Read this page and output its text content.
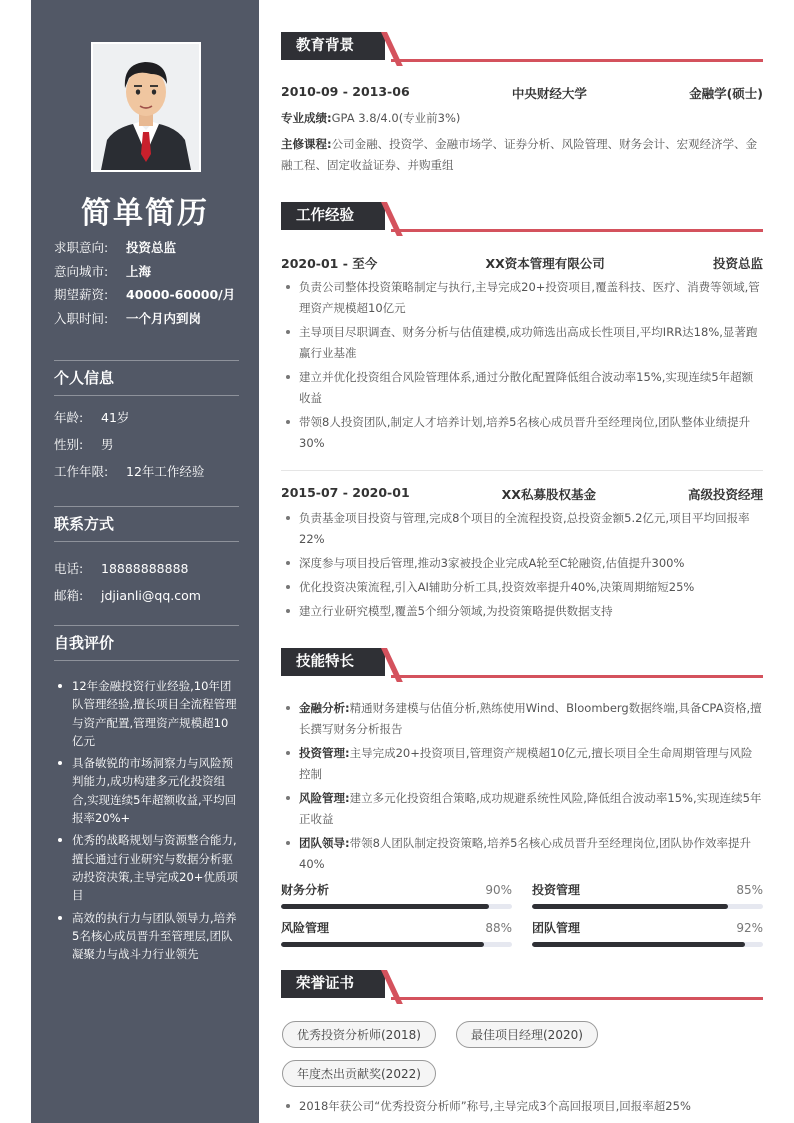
简单简历
求职意向:	投资总监
意向城市:	上海
期望薪资:	40000-60000/月
入职时间:	一个月内到岗
个人信息
年龄:	41岁
性别:	男
工作年限:	12年工作经验
联系方式
电话:	18888888888
邮箱:	jdjianli@qq.com
自我评价
12年金融投资行业经验,10年团队管理经验,擅长项目全流程管理与资产配置,管理资产规模超10亿元
具备敏锐的市场洞察力与风险预判能力,成功构建多元化投资组合,实现连续5年超额收益,平均回报率20%+
优秀的战略规划与资源整合能力,擅长通过行业研究与数据分析驱动投资决策,主导完成20+优质项目
高效的执行力与团队领导力,培养5名核心成员晋升至管理层,团队凝聚力与战斗力行业领先
教育背景
2010-09 - 2013-06	中央财经大学	金融学(硕士)
专业成绩:GPA 3.8/4.0(专业前3%)
主修课程:公司金融、投资学、金融市场学、证券分析、风险管理、财务会计、宏观经济学、金融工程、固定收益证券、并购重组
工作经验
2020-01 - 至今	XX资本管理有限公司	投资总监
负责公司整体投资策略制定与执行,主导完成20+投资项目,覆盖科技、医疗、消费等领域,管理资产规模超10亿元
主导项目尽职调查、财务分析与估值建模,成功筛选出高成长性项目,平均IRR达18%,显著跑赢行业基准
建立并优化投资组合风险管理体系,通过分散化配置降低组合波动率15%,实现连续5年超额收益
带领8人投资团队,制定人才培养计划,培养5名核心成员晋升至经理岗位,团队整体业绩提升30%
2015-07 - 2020-01	XX私募股权基金	高级投资经理
负责基金项目投资与管理,完成8个项目的全流程投资,总投资金额5.2亿元,项目平均回报率22%
深度参与项目投后管理,推动3家被投企业完成A轮至C轮融资,估值提升300%
优化投资决策流程,引入AI辅助分析工具,投资效率提升40%,决策周期缩短25%
建立行业研究模型,覆盖5个细分领域,为投资策略提供数据支持
技能特长
金融分析:精通财务建模与估值分析,熟练使用Wind、Bloomberg数据终端,具备CPA资格,擅长撰写财务分析报告
投资管理:主导完成20+投资项目,管理资产规模超10亿元,擅长项目全生命周期管理与风险控制
风险管理:建立多元化投资组合策略,成功规避系统性风险,降低组合波动率15%,实现连续5年正收益
团队领导:带领8人团队制定投资策略,培养5名核心成员晋升至经理岗位,团队协作效率提升40%
财务分析	90% 投资管理	85%
风险管理	88% 团队管理	92%
荣誉证书
优秀投资分析师(2018)	最佳项目经理(2020)
年度杰出贡献奖(2022)
2018年获公司“优秀投资分析师”称号,主导完成3个高回报项目,回报率超25%
